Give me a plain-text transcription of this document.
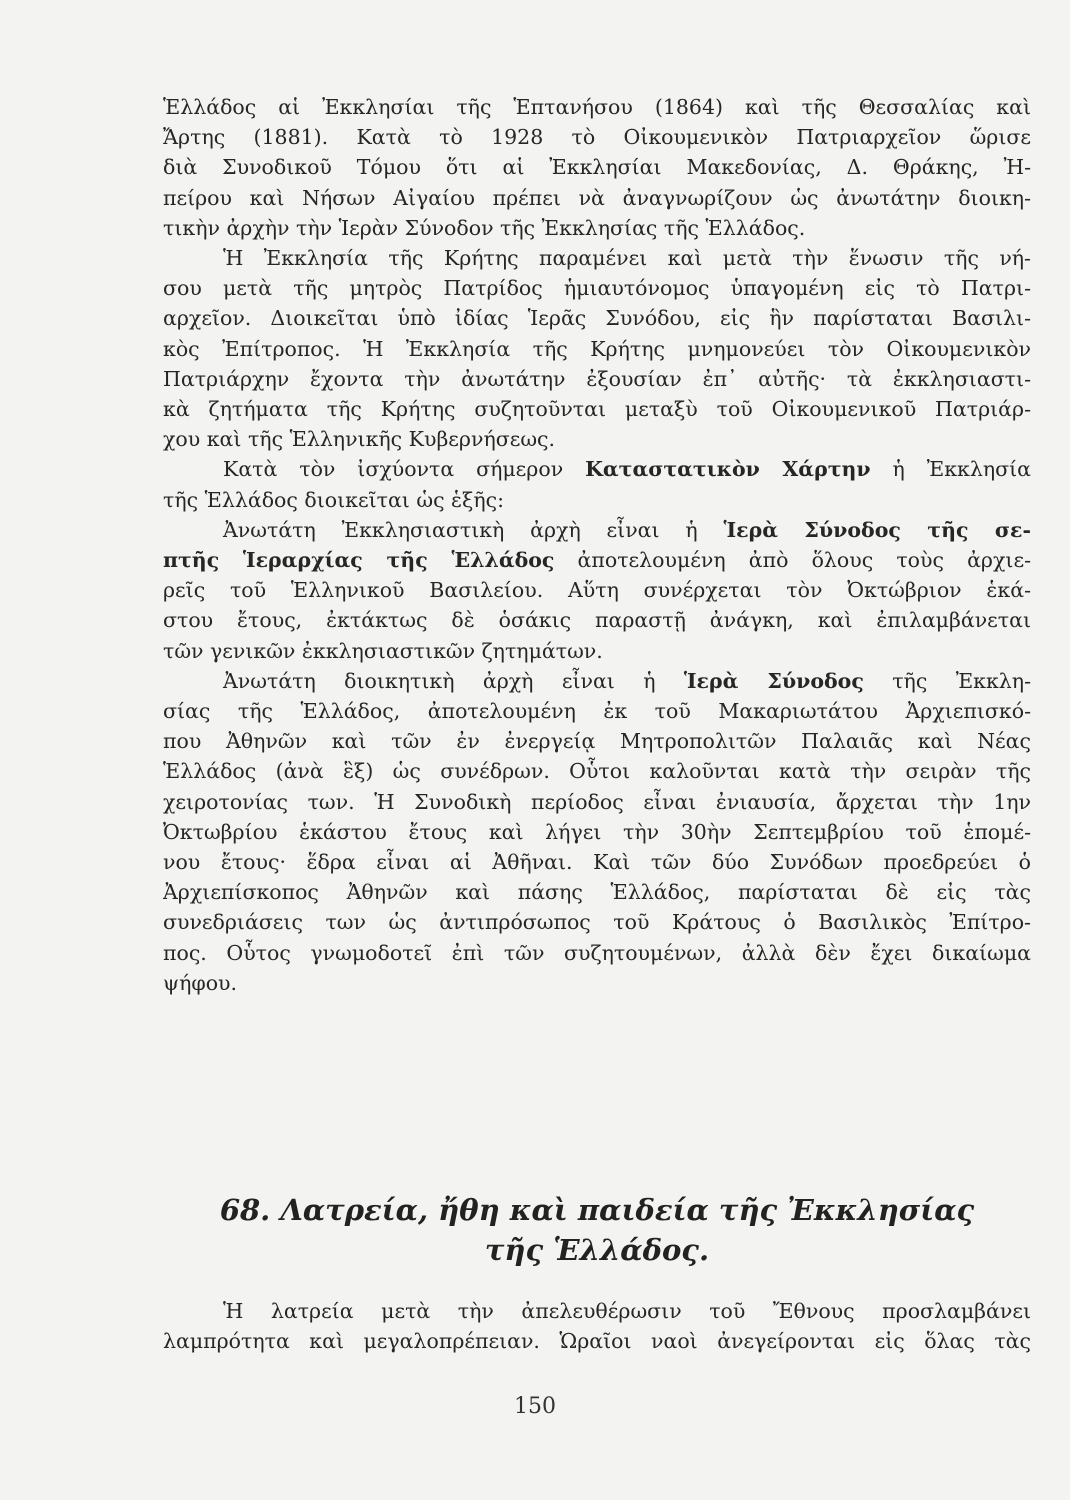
Ἑλλάδος αἱ Ἐκκλησίαι τῆς Ἑπτανήσου (1864) καὶ τῆς Θεσσαλίας καὶ
Ἄρτης (1881). Κατὰ τὸ 1928 τὸ Οἰκουμενικὸν Πατριαρχεῖον ὥρισε
διὰ Συνοδικοῦ Τόμου ὅτι αἱ Ἐκκλησίαι Μακεδονίας, Δ. Θράκης, Ἠ-
πείρου καὶ Νήσων Αἰγαίου πρέπει νὰ ἀναγνωρίζουν ὡς ἀνωτάτην διοικη-
τικὴν ἀρχὴν τὴν Ἱερὰν Σύνοδον τῆς Ἐκκλησίας τῆς Ἑλλάδος.
Ἡ Ἐκκλησία τῆς Κρήτης παραμένει καὶ μετὰ τὴν ἕνωσιν τῆς νή-
σου μετὰ τῆς μητρὸς Πατρίδος ἡμιαυτόνομος ὑπαγομένη εἰς τὸ Πατρι-
αρχεῖον. Διοικεῖται ὑπὸ ἰδίας Ἱερᾶς Συνόδου, εἰς ἣν παρίσταται Βασιλι-
κὸς Ἐπίτροπος. Ἡ Ἐκκλησία τῆς Κρήτης μνημονεύει τὸν Οἰκουμενικὸν
Πατριάρχην ἔχοντα τὴν ἀνωτάτην ἐξουσίαν ἐπ᾽ αὐτῆς· τὰ ἐκκλησιαστι-
κὰ ζητήματα τῆς Κρήτης συζητοῦνται μεταξὺ τοῦ Οἰκουμενικοῦ Πατριάρ-
χου καὶ τῆς Ἑλληνικῆς Κυβερνήσεως.
Κατὰ τὸν ἰσχύοντα σήμερον Καταστατικὸν Χάρτην ἡ Ἐκκλησία
τῆς Ἑλλάδος διοικεῖται ὡς ἑξῆς:
Ἀνωτάτη Ἐκκλησιαστικὴ ἀρχὴ εἶναι ἡ Ἱερὰ Σύνοδος τῆς σε-
πτῆς Ἱεραρχίας τῆς Ἑλλάδος ἀποτελουμένη ἀπὸ ὅλους τοὺς ἀρχιε-
ρεῖς τοῦ Ἑλληνικοῦ Βασιλείου. Αὕτη συνέρχεται τὸν Ὀκτώβριον ἑκά-
στου ἔτους, ἐκτάκτως δὲ ὁσάκις παραστῇ ἀνάγκη, καὶ ἐπιλαμβάνεται
τῶν γενικῶν ἐκκλησιαστικῶν ζητημάτων.
Ἀνωτάτη διοικητικὴ ἀρχὴ εἶναι ἡ Ἱερὰ Σύνοδος τῆς Ἐκκλη-
σίας τῆς Ἑλλάδος, ἀποτελουμένη ἐκ τοῦ Μακαριωτάτου Ἀρχιεπισκό-
που Ἀθηνῶν καὶ τῶν ἐν ἐνεργείᾳ Μητροπολιτῶν Παλαιᾶς καὶ Νέας
Ἑλλάδος (ἀνὰ ἓξ) ὡς συνέδρων. Οὗτοι καλοῦνται κατὰ τὴν σειρὰν τῆς
χειροτονίας των. Ἡ Συνοδικὴ περίοδος εἶναι ἐνιαυσία, ἄρχεται τὴν 1ην
Ὀκτωβρίου ἑκάστου ἔτους καὶ λήγει τὴν 30ὴν Σεπτεμβρίου τοῦ ἑπομέ-
νου ἔτους· ἕδρα εἶναι αἱ Ἀθῆναι. Καὶ τῶν δύο Συνόδων προεδρεύει ὁ
Ἀρχιεπίσκοπος Ἀθηνῶν καὶ πάσης Ἑλλάδος, παρίσταται δὲ εἰς τὰς
συνεδριάσεις των ὡς ἀντιπρόσωπος τοῦ Κράτους ὁ Βασιλικὸς Ἐπίτρο-
πος. Οὗτος γνωμοδοτεῖ ἐπὶ τῶν συζητουμένων, ἀλλὰ δὲν ἔχει δικαίωμα
ψήφου.
68. Λατρεία, ἤθη καὶ παιδεία τῆς Ἐκκλησίας
τῆς Ἑλλάδος.
Ἡ λατρεία μετὰ τὴν ἀπελευθέρωσιν τοῦ Ἔθνους προσλαμβάνει
λαμπρότητα καὶ μεγαλοπρέπειαν. Ὡραῖοι ναοὶ ἀνεγείρονται εἰς ὅλας τὰς
150
